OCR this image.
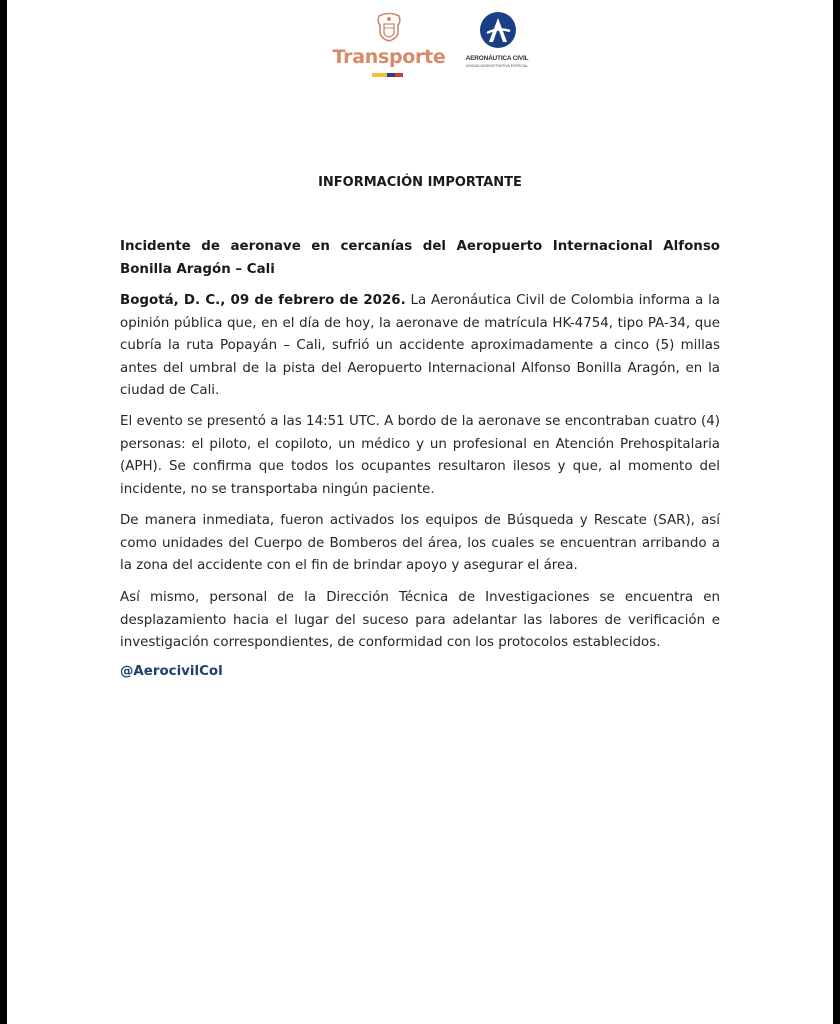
Transporte	AERONÁUTICA CIVIL
UNIDAD ADMINISTRATIVA ESPECIAL
INFORMACIÓN IMPORTANTE

Incidente de aeronave en cercanías del Aeropuerto Internacional Alfonso Bonilla Aragón – Cali

Bogotá, D. C., 09 de febrero de 2026. La Aeronáutica Civil de Colombia informa a la opinión pública que, en el día de hoy, la aeronave de matrícula HK-4754, tipo PA-34, que cubría la ruta Popayán – Cali, sufrió un accidente aproximadamente a cinco (5) millas antes del umbral de la pista del Aeropuerto Internacional Alfonso Bonilla Aragón, en la ciudad de Cali.

El evento se presentó a las 14:51 UTC. A bordo de la aeronave se encontraban cuatro (4) personas: el piloto, el copiloto, un médico y un profesional en Atención Prehospitalaria (APH). Se confirma que todos los ocupantes resultaron ilesos y que, al momento del incidente, no se transportaba ningún paciente.

De manera inmediata, fueron activados los equipos de Búsqueda y Rescate (SAR), así como unidades del Cuerpo de Bomberos del área, los cuales se encuentran arribando a la zona del accidente con el fin de brindar apoyo y asegurar el área.

Así mismo, personal de la Dirección Técnica de Investigaciones se encuentra en desplazamiento hacia el lugar del suceso para adelantar las labores de verificación e investigación correspondientes, de conformidad con los protocolos establecidos.

@AerocivilCol
